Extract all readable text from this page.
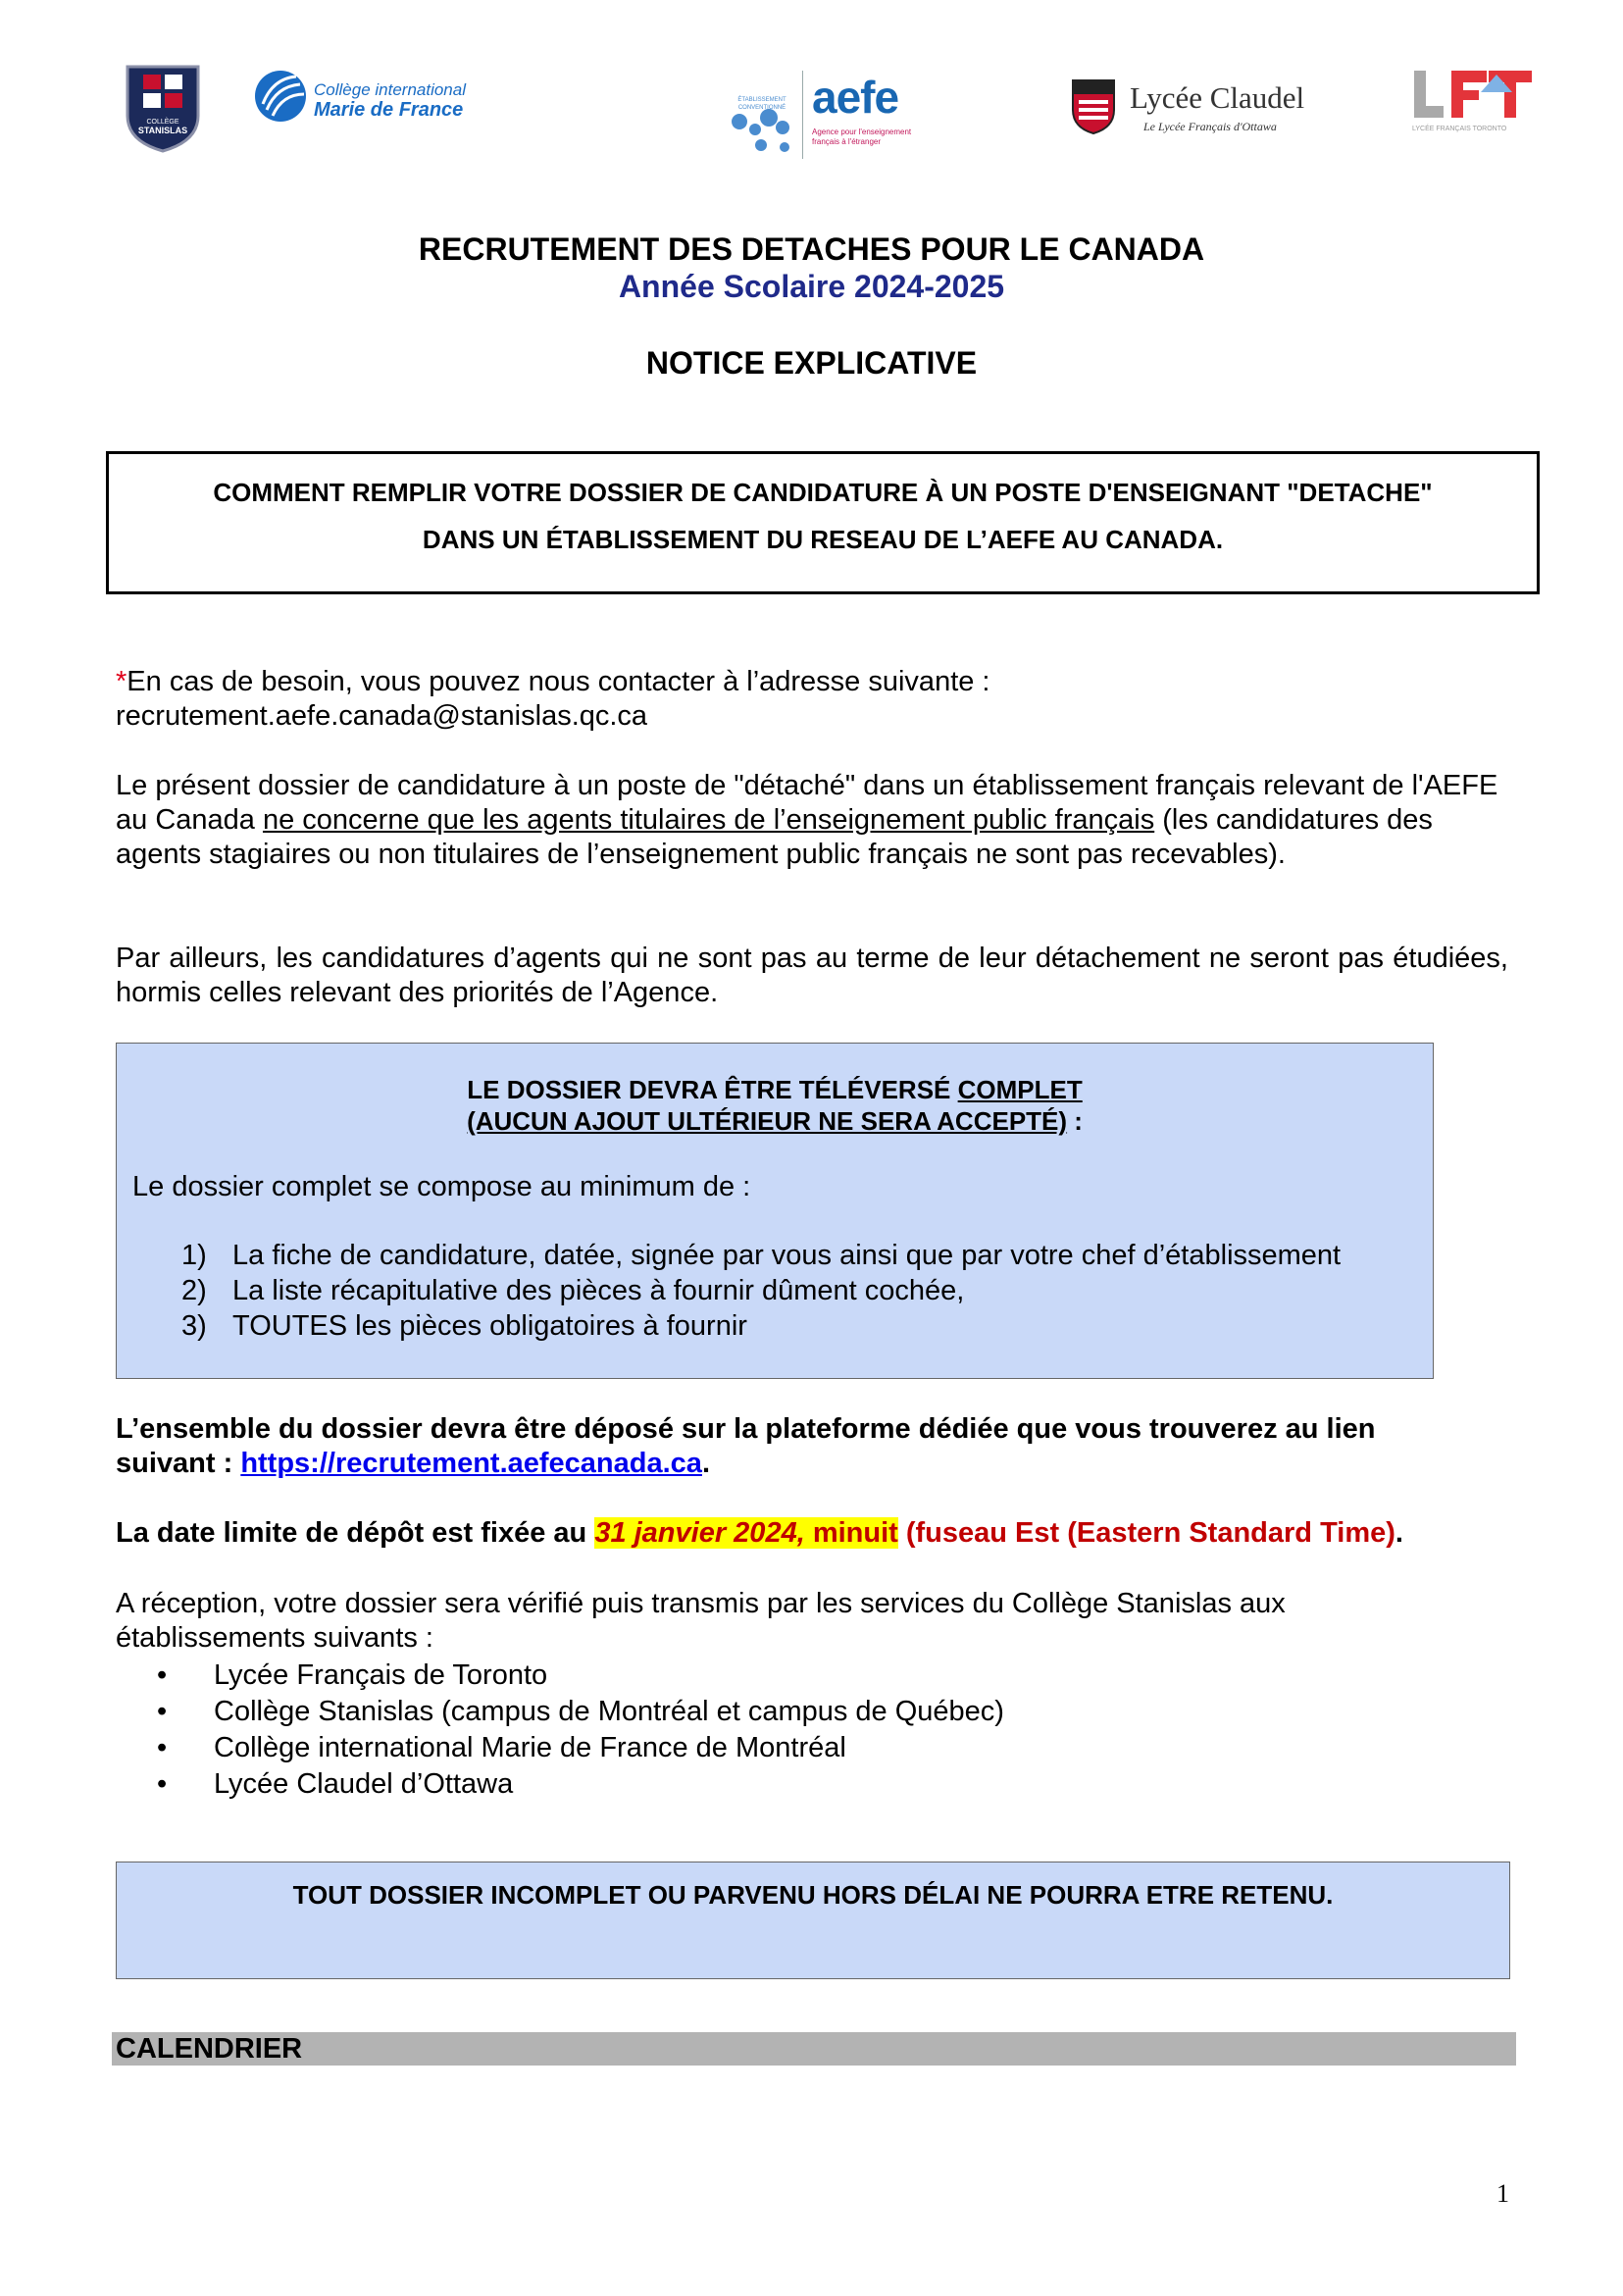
COLLÈGE
STANISLAS
Collège international
Marie de France	ÉTABLISSEMENT CONVENTIONNÉ aefe
Agence pour l'enseignement français à l'étranger
Lycée Claudel
Le Lycée Français d'Ottawa	LYCÉE FRANÇAIS TORONTO
RECRUTEMENT DES DETACHES POUR LE CANADA
Année Scolaire 2024-2025
NOTICE EXPLICATIVE
COMMENT REMPLIR VOTRE DOSSIER DE CANDIDATURE À UN POSTE D'ENSEIGNANT "DETACHE"
DANS UN ÉTABLISSEMENT DU RESEAU DE L’AEFE AU CANADA.
*En cas de besoin, vous pouvez nous contacter à l’adresse suivante :
recrutement.aefe.canada@stanislas.qc.ca
Le présent dossier de candidature à un poste de "détaché" dans un établissement français relevant de l'AEFE au Canada ne concerne que les agents titulaires de l’enseignement public français (les candidatures des agents stagiaires ou non titulaires de l’enseignement public français ne sont pas recevables).
Par ailleurs, les candidatures d’agents qui ne sont pas au terme de leur détachement ne seront pas étudiées, hormis celles relevant des priorités de l’Agence.
LE DOSSIER DEVRA ÊTRE TÉLÉVERSÉ COMPLET
(AUCUN AJOUT ULTÉRIEUR NE SERA ACCEPTÉ) :
Le dossier complet se compose au minimum de :
1) La fiche de candidature, datée, signée par vous ainsi que par votre chef d’établissement
2) La liste récapitulative des pièces à fournir dûment cochée,
3) TOUTES les pièces obligatoires à fournir
L’ensemble du dossier devra être déposé sur la plateforme dédiée que vous trouverez au lien
suivant : https://recrutement.aefecanada.ca.
La date limite de dépôt est fixée au 31 janvier 2024, minuit (fuseau Est (Eastern Standard Time).
A réception, votre dossier sera vérifié puis transmis par les services du Collège Stanislas aux
établissements suivants :
• Lycée Français de Toronto
• Collège Stanislas (campus de Montréal et campus de Québec)
• Collège international Marie de France de Montréal
• Lycée Claudel d’Ottawa
TOUT DOSSIER INCOMPLET OU PARVENU HORS DÉLAI NE POURRA ETRE RETENU.
CALENDRIER
1
